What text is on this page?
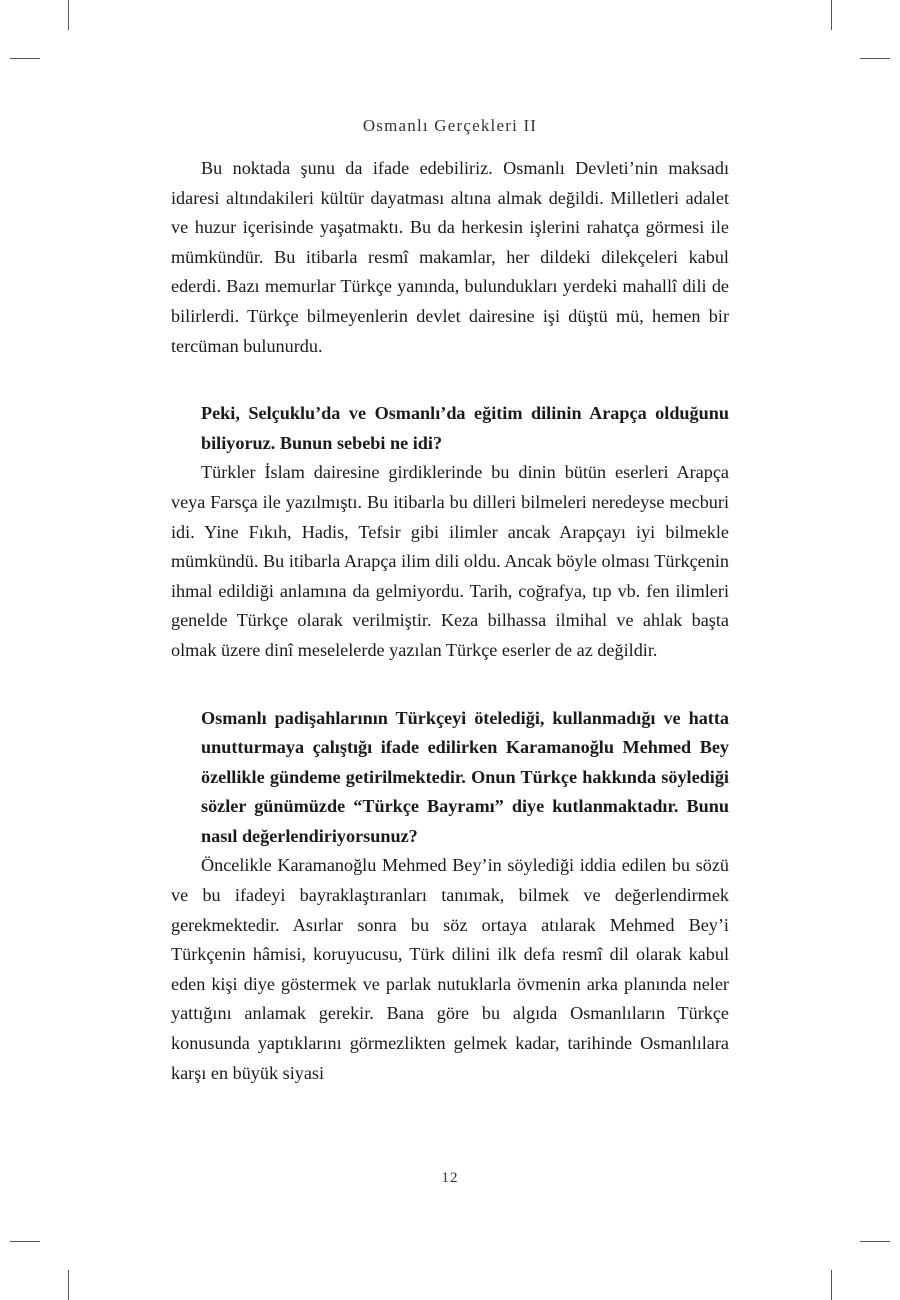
Osmanlı Gerçekleri II

Bu noktada şunu da ifade edebiliriz. Osmanlı Devleti’nin maksadı idaresi altındakileri kültür dayatması altına almak değildi. Milletleri adalet ve huzur içerisinde yaşatmaktı. Bu da herkesin işlerini rahatça görmesi ile mümkündür. Bu itibarla resmî makamlar, her dildeki dilekçeleri kabul ederdi. Bazı memurlar Türkçe yanında, bulundukları yerdeki mahallî dili de bilirlerdi. Türkçe bilmeyenlerin devlet dairesine işi düştü mü, hemen bir tercüman bulunurdu.

Peki, Selçuklu’da ve Osmanlı’da eğitim dilinin Arapça olduğunu biliyoruz. Bunun sebebi ne idi?

Türkler İslam dairesine girdiklerinde bu dinin bütün eserleri Arapça veya Farsça ile yazılmıştı. Bu itibarla bu dilleri bilmeleri neredeyse mecburi idi. Yine Fıkıh, Hadis, Tefsir gibi ilimler ancak Arapçayı iyi bilmekle mümkündü. Bu itibarla Arapça ilim dili oldu. Ancak böyle olması Türkçenin ihmal edildiği anlamına da gelmiyordu. Tarih, coğrafya, tıp vb. fen ilimleri genelde Türkçe olarak verilmiştir. Keza bilhassa ilmihal ve ahlak başta olmak üzere dinî meselelerde yazılan Türkçe eserler de az değildir.

Osmanlı padişahlarının Türkçeyi ötelediği, kullanmadığı ve hatta unutturmaya çalıştığı ifade edilirken Karamanoğlu Mehmed Bey özellikle gündeme getirilmektedir. Onun Türkçe hakkında söylediği sözler günümüzde “Türkçe Bayramı” diye kutlanmaktadır. Bunu nasıl değerlendiriyorsunuz?

Öncelikle Karamanoğlu Mehmed Bey’in söylediği iddia edilen bu sözü ve bu ifadeyi bayraklaştıranları tanımak, bilmek ve değerlendirmek gerekmektedir. Asırlar sonra bu söz ortaya atılarak Mehmed Bey’i Türkçenin hâmisi, koruyucusu, Türk dilini ilk defa resmî dil olarak kabul eden kişi diye göstermek ve parlak nutuklarla övmenin arka planında neler yattığını anlamak gerekir. Bana göre bu algıda Osmanlıların Türkçe konusunda yaptıklarını görmezlikten gelmek kadar, tarihinde Osmanlılara karşı en büyük siyasi

12
